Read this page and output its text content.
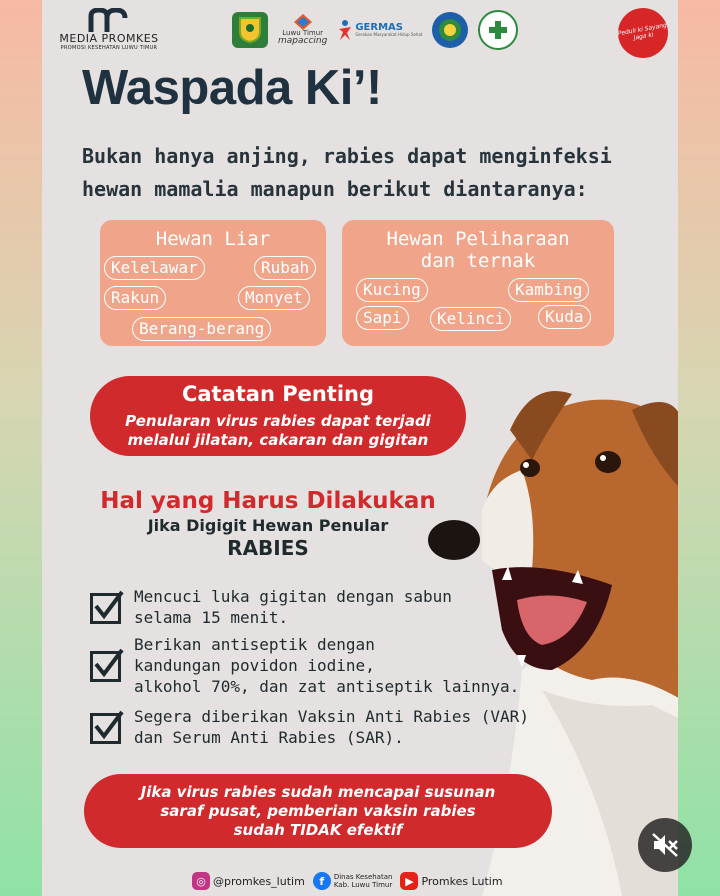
MEDIA PROMKES
PROMOSI KESEHATAN LUWU TIMUR
Luwu Timur
mapaccing
GERMAS
Gerakan Masyarakat Hidup Sehat	Peduli ki Sayang Jaga ki
Waspada Ki’!
Bukan hanya anjing, rabies dapat menginfeksi
hewan mamalia manapun berikut diantaranya:
Hewan Liar
Kelelawar	Rubah
Rakun	Monyet
Berang-berang
Hewan Peliharaan
dan ternak
Kucing	Kambing
Sapi	Kelinci	Kuda
Catatan Penting
Penularan virus rabies dapat terjadi
melalui jilatan, cakaran dan gigitan
Hal yang Harus Dilakukan
Jika Digigit Hewan Penular
RABIES
Mencuci luka gigitan dengan sabun
selama 15 menit.
Berikan antiseptik dengan
kandungan povidon iodine,
alkohol 70%, dan zat antiseptik lainnya.
Segera diberikan Vaksin Anti Rabies (VAR)
dan Serum Anti Rabies (SAR).
Jika virus rabies sudah mencapai susunan
saraf pusat, pemberian vaksin rabies
sudah TIDAK efektif
◎ @promkes_lutim	f	Dinas Kesehatan
Kab. Luwu Timur	▶ Promkes Lutim
